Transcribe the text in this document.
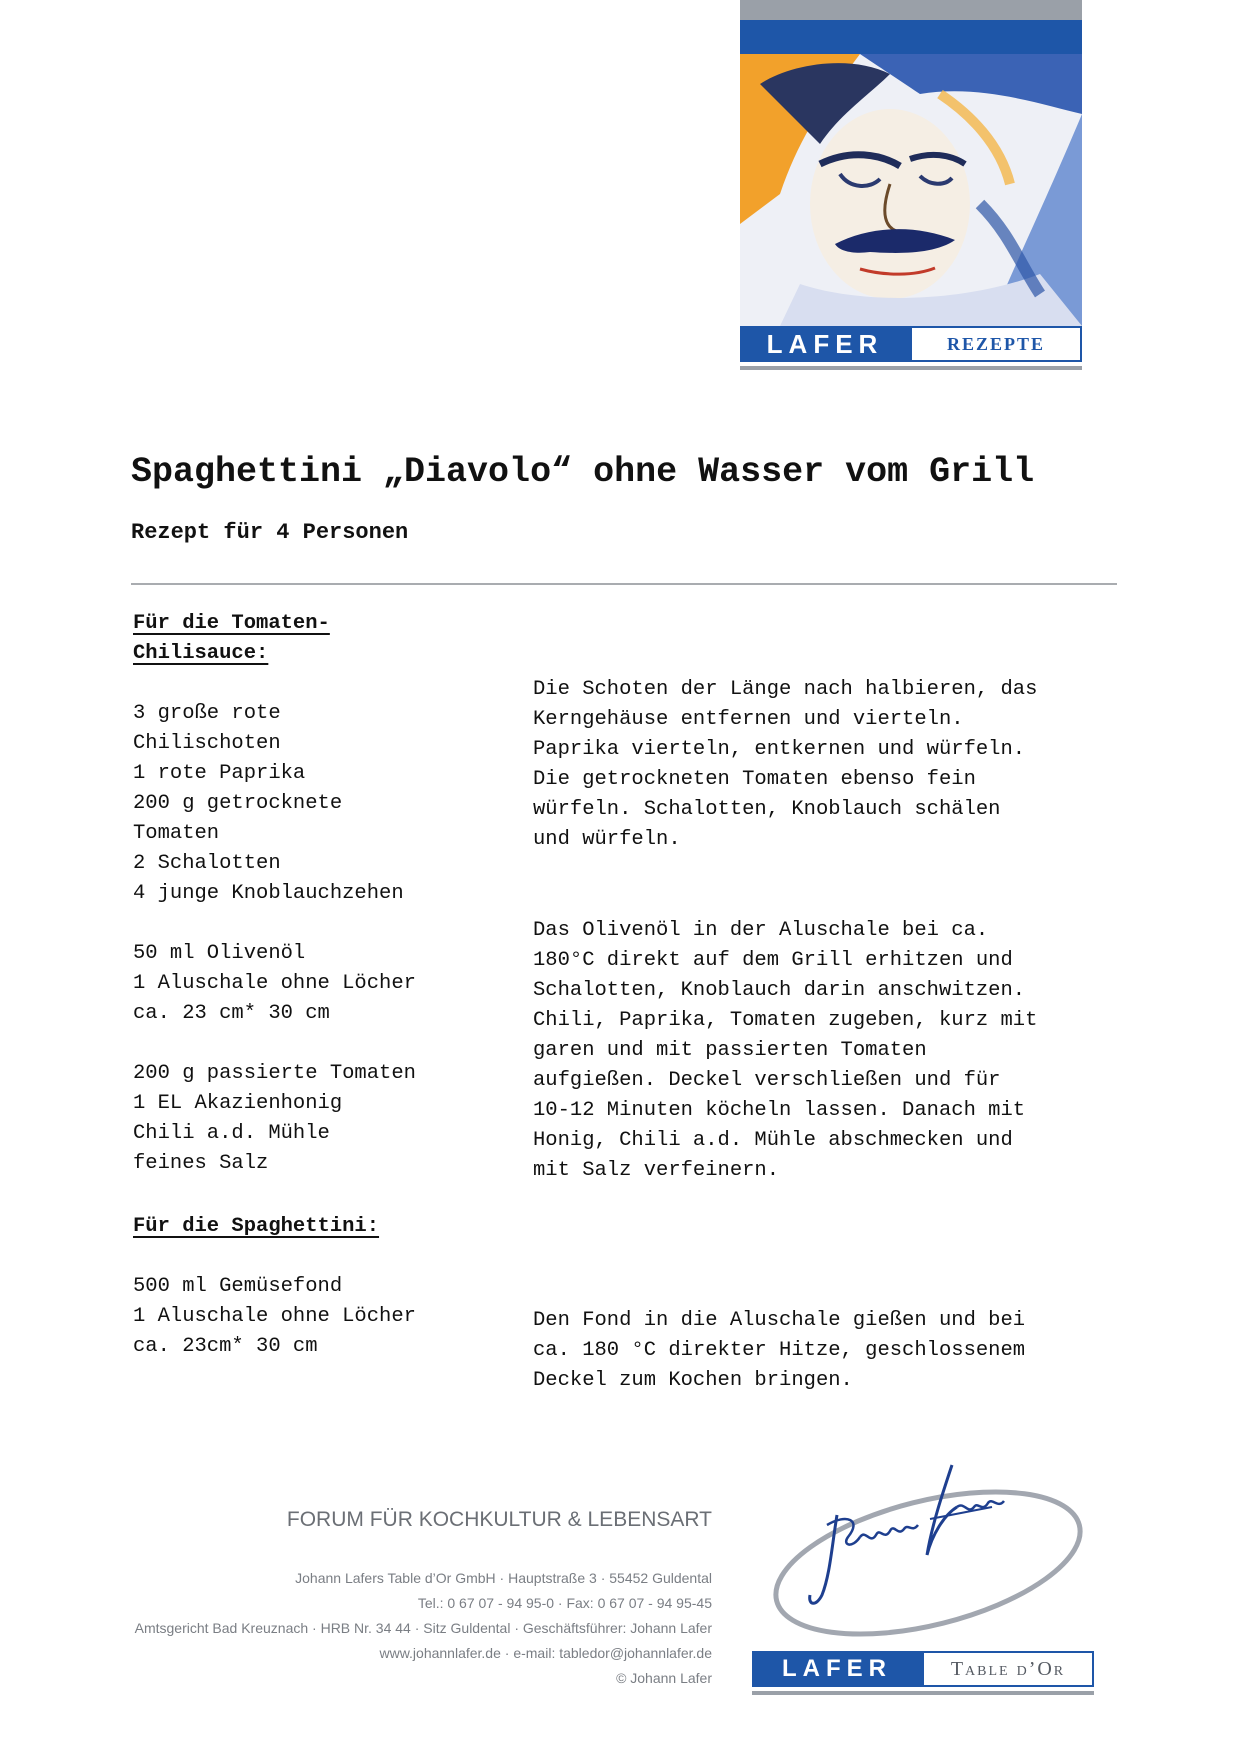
LAFER	REZEPTE
Spaghettini „Diavolo“ ohne Wasser vom Grill
Rezept für 4 Personen
Für die Tomaten-
Chilisauce:
3 große rote
Chilischoten
1 rote Paprika
200 g getrocknete
Tomaten
2 Schalotten
4 junge Knoblauchzehen
50 ml Olivenöl
1 Aluschale ohne Löcher
ca. 23 cm* 30 cm
200 g passierte Tomaten
1 EL Akazienhonig
Chili a.d. Mühle
feines Salz
Die Schoten der Länge nach halbieren, das
Kerngehäuse entfernen und vierteln.
Paprika vierteln, entkernen und würfeln.
Die getrockneten Tomaten ebenso fein
würfeln. Schalotten, Knoblauch schälen
und würfeln.
Das Olivenöl in der Aluschale bei ca.
180°C direkt auf dem Grill erhitzen und
Schalotten, Knoblauch darin anschwitzen.
Chili, Paprika, Tomaten zugeben, kurz mit
garen und mit passierten Tomaten
aufgießen. Deckel verschließen und für
10-12 Minuten köcheln lassen. Danach mit
Honig, Chili a.d. Mühle abschmecken und
mit Salz verfeinern.
Für die Spaghettini:
500 ml Gemüsefond
1 Aluschale ohne Löcher
ca. 23cm* 30 cm
Den Fond in die Aluschale gießen und bei
ca. 180 °C direkter Hitze, geschlossenem
Deckel zum Kochen bringen.
FORUM FÜR KOCHKULTUR & LEBENSART
Johann Lafers Table d’Or GmbH · Hauptstraße 3 · 55452 Guldental
Tel.: 0 67 07 - 94 95-0 · Fax: 0 67 07 - 94 95-45
Amtsgericht Bad Kreuznach · HRB Nr. 34 44 · Sitz Guldental · Geschäftsführer: Johann Lafer
www.johannlafer.de · e-mail: tabledor@johannlafer.de
© Johann Lafer	LAFER	Table d’Or
